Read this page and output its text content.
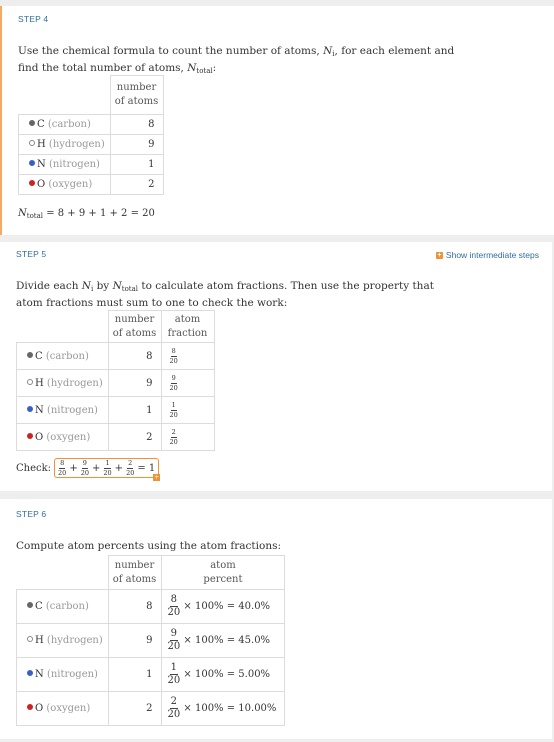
STEP 4
Use the chemical formula to count the number of atoms, $N_i$, for each element and
find the total number of atoms, $N_{total}$:
	number
of atoms
C (carbon)	8
H (hydrogen)	9
N (nitrogen)	1
O (oxygen)	2
$N_{total} = 8 + 9 + 1 + 2 = 20$
STEP 5	+ Show intermediate steps
Divide each $N_i$ by $N_{total}$ to calculate atom fractions. Then use the property that
atom fractions must sum to one to check the work:
	number
of atoms	atom
fraction
C (carbon)	8	$\frac{8}{20}$

H (hydrogen)	9	$\frac{9}{20}$

N (nitrogen)	1	$\frac{1}{20}$

O (oxygen)	2	$\frac{2}{20}$
Check: $\frac{8}{20} + \frac{9}{20} + \frac{1}{20} + \frac{2}{20} = 1$
+
STEP 6
Compute atom percents using the atom fractions:
	number
of atoms	atom
percent
C (carbon)	8	$\frac{8}{20} \times 100\% = 40.0\%$
H (hydrogen)	9	$\frac{9}{20} \times 100\% = 45.0\%$
N (nitrogen)	1	$\frac{1}{20} \times 100\% = 5.00\%$
O (oxygen)	2	$\frac{2}{20} \times 100\% = 10.00\%$
